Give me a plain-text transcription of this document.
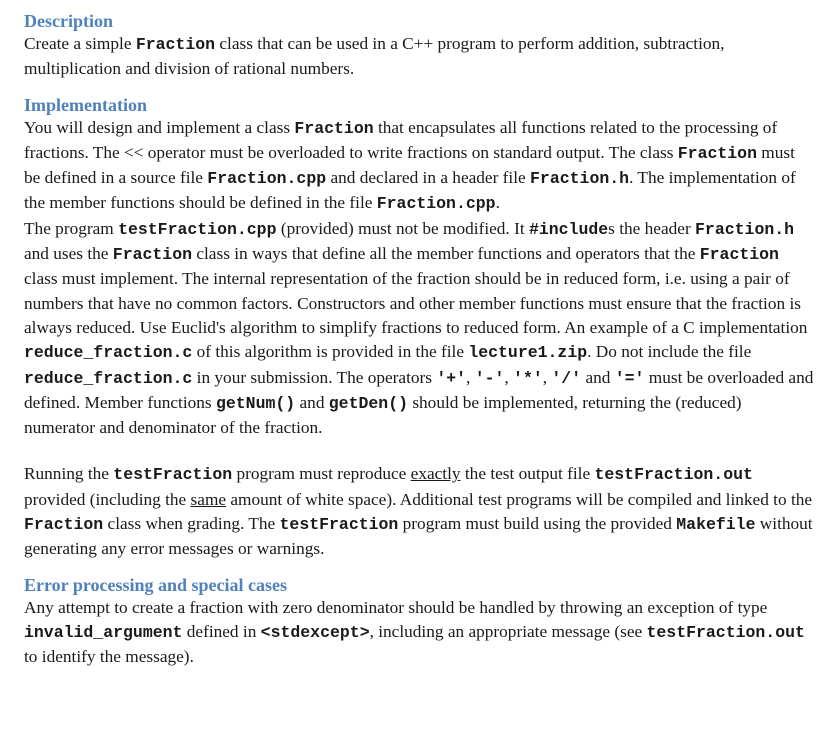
Description

Create a simple Fraction class that can be used in a C++ program to perform addition, subtraction, multiplication and division of rational numbers.

Implementation

You will design and implement a class Fraction that encapsulates all functions related to the processing of fractions. The << operator must be overloaded to write fractions on standard output. The class Fraction must be defined in a source file Fraction.cpp and declared in a header file Fraction.h. The implementation of the member functions should be defined in the file Fraction.cpp.

The program testFraction.cpp (provided) must not be modified. It #includes the header Fraction.h and uses the Fraction class in ways that define all the member functions and operators that the Fraction class must implement. The internal representation of the fraction should be in reduced form, i.e. using a pair of numbers that have no common factors. Constructors and other member functions must ensure that the fraction is always reduced. Use Euclid's algorithm to simplify fractions to reduced form. An example of a C implementation reduce_fraction.c of this algorithm is provided in the file lecture1.zip. Do not include the file reduce_fraction.c in your submission. The operators '+', '-', '*', '/' and '=' must be overloaded and defined. Member functions getNum() and getDen() should be implemented, returning the (reduced) numerator and denominator of the fraction.

Running the testFraction program must reproduce exactly the test output file testFraction.out provided (including the same amount of white space). Additional test programs will be compiled and linked to the Fraction class when grading. The testFraction program must build using the provided Makefile without generating any error messages or warnings.

Error processing and special cases

Any attempt to create a fraction with zero denominator should be handled by throwing an exception of type invalid_argument defined in <stdexcept>, including an appropriate message (see testFraction.out to identify the message).
